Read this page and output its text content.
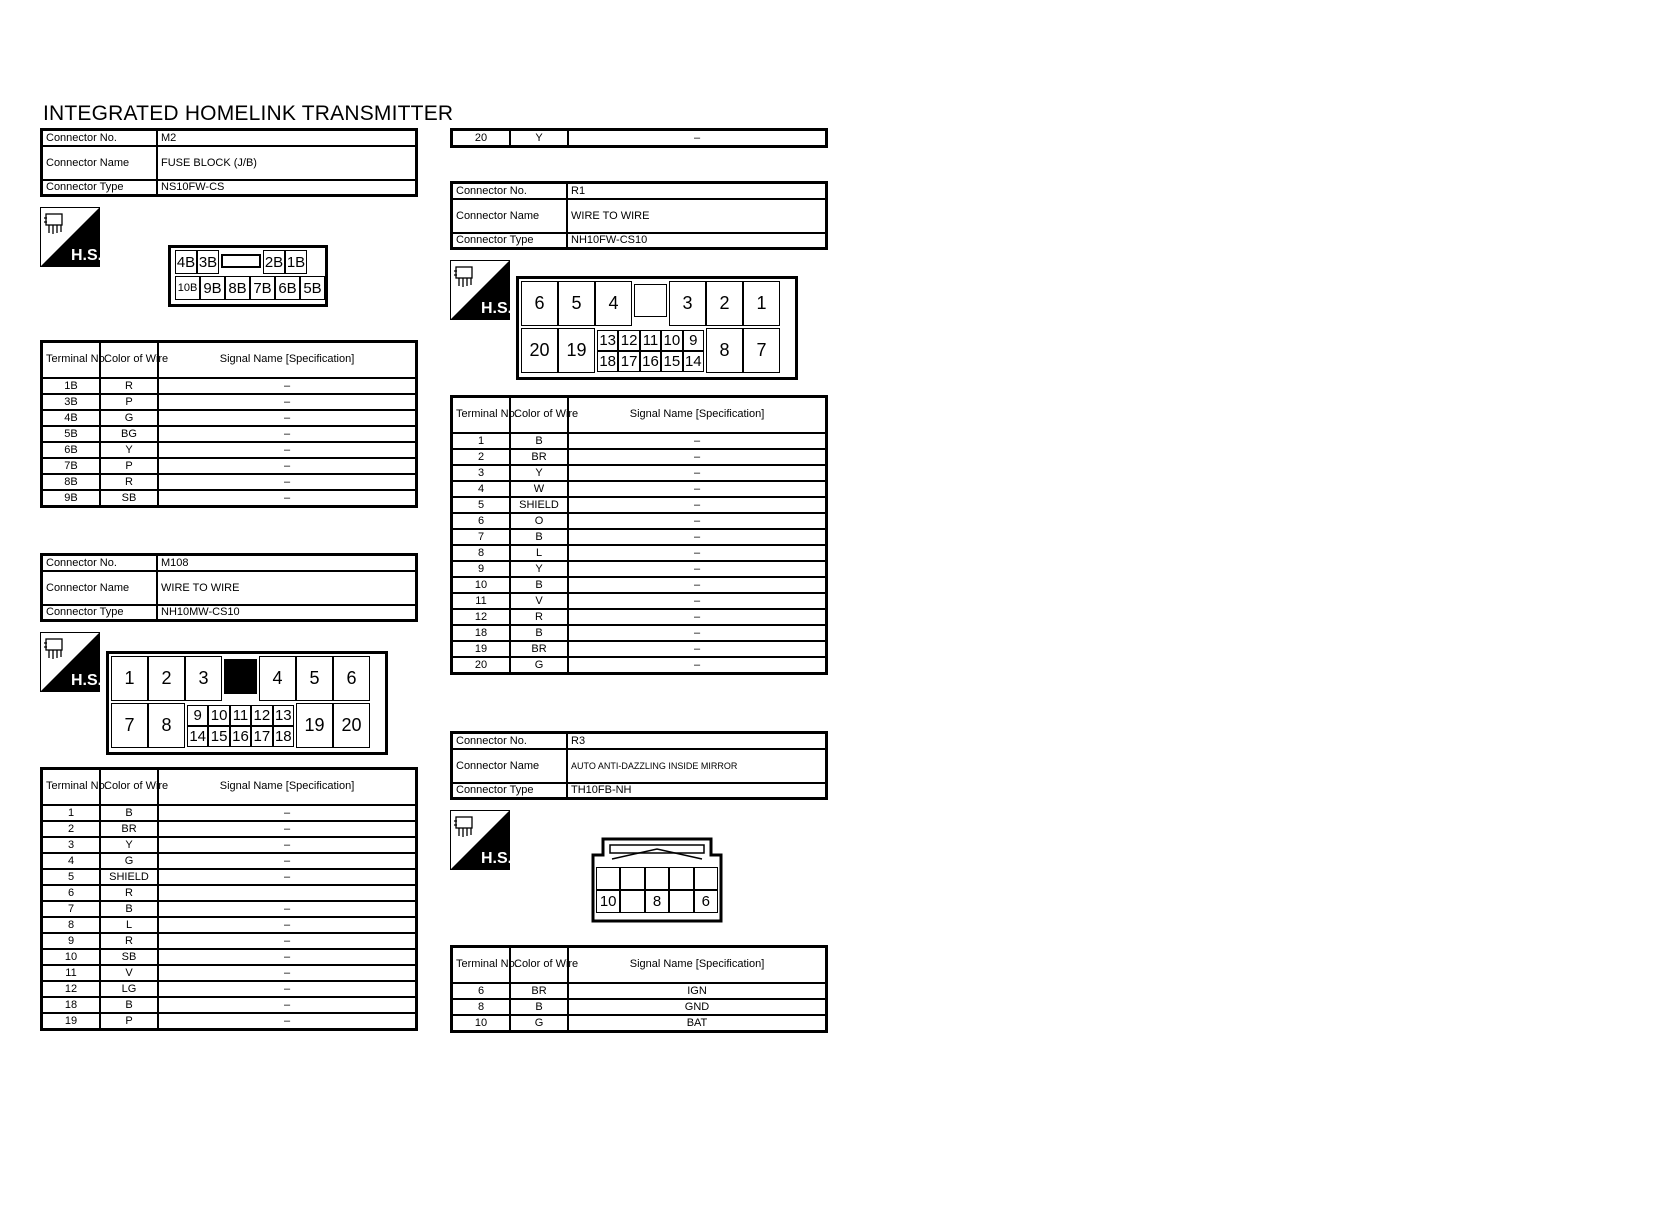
INTEGRATED HOMELINK TRANSMITTER
Connector No.	M2
Connector Name	FUSE BLOCK (J/B)
Connector Type	NS10FW-CS
H.S.	4B 3B	2B 1B
10B 9B 8B 7B 6B 5B
Terminal No.	Color of Wire	Signal Name [Specification]
1B	R	–
3B	P	–
4B	G	–
5B	BG	–
6B	Y	–
7B	P	–
8B	R	–
9B	SB	–
Connector No.	M108
Connector Name	WIRE TO WIRE
Connector Type	NH10MW-CS10
H.S.	1	2	3	4	5	6
7	8	19 20
9 10 11 12 13
14 15 16 17 18
Terminal No.	Color of Wire	Signal Name [Specification]
1	B	–
2	BR	–
3	Y	–
4	G	–
5	SHIELD	–
6	R	
7	B	–
8	L	–
9	R	–
10	SB	–
11	V	–
12	LG	–
18	B	–
19	P	–
20	Y	–
Connector No.	R1
Connector Name	WIRE TO WIRE
Connector Type	NH10FW-CS10
H.S.	6	5	4	3	2	1
20 19	8	7
13 12 11 10 9
18 17 16 15 14
Terminal No.	Color of Wire	Signal Name [Specification]
1	B	–
2	BR	–
3	Y	–
4	W	–
5	SHIELD	–
6	O	–
7	B	–
8	L	–
9	Y	–
10	B	–
11	V	–
12	R	–
18	B	–
19	BR	–
20	G	–
Connector No.	R3
Connector Name	AUTO ANTI-DAZZLING INSIDE MIRROR
Connector Type	TH10FB-NH
H.S.
10	8	6
Terminal No.	Color of Wire	Signal Name [Specification]
6	BR	IGN
8	B	GND
10	G	BAT
